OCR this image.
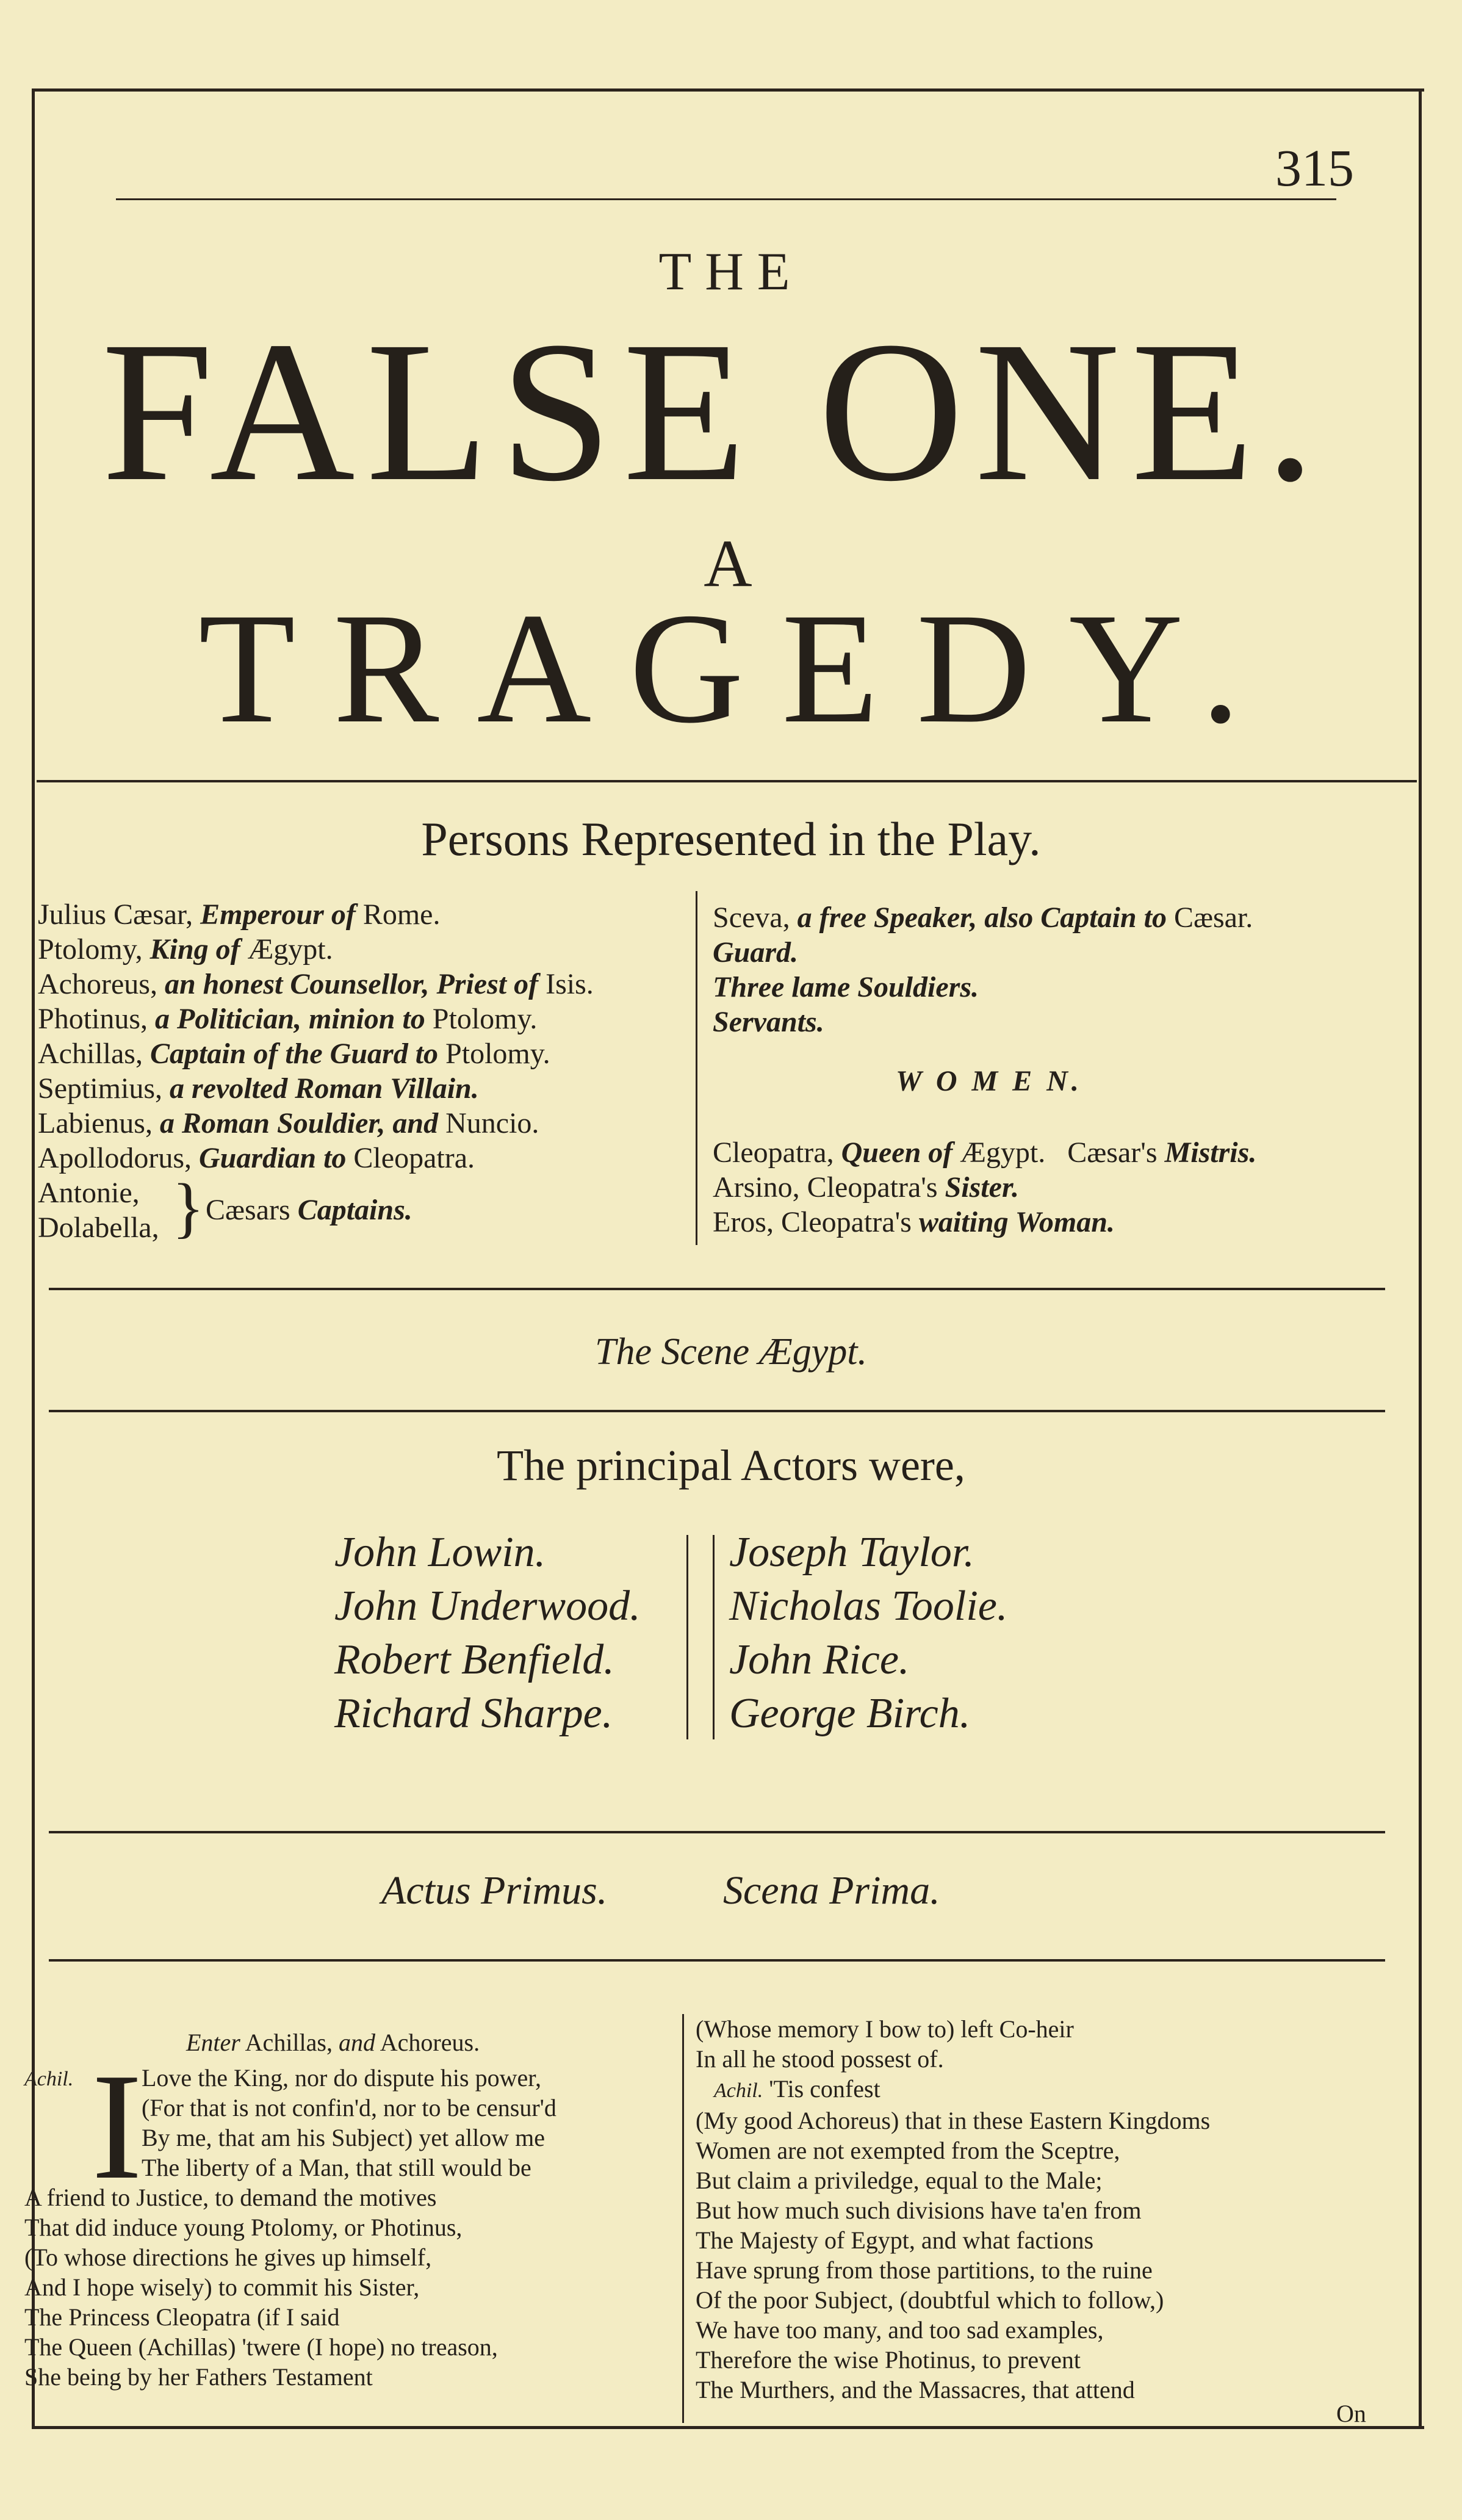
315
THE
FALSE ONE.
A
TRAGEDY.
Persons Represented in the Play.
Julius Cæsar, Emperour of Rome.
Ptolomy, King of Ægypt.
Achoreus, an honest Counsellor, Priest of Isis.
Photinus, a Politician, minion to Ptolomy.
Achillas, Captain of the Guard to Ptolomy.
Septimius, a revolted Roman Villain.
Labienus, a Roman Souldier, and Nuncio.
Apollodorus, Guardian to Cleopatra.
Antonie,
Dolabella, } Cæsars Captains.
Sceva, a free Speaker, also Captain to Cæsar.
Guard.
Three lame Souldiers.
Servants.
W O M E N.
Cleopatra, Queen of Ægypt. Cæsar's Mistris.
Arsino, Cleopatra's Sister.
Eros, Cleopatra's waiting Woman.
The Scene Ægypt.
The principal Actors were,
John Lowin.
John Underwood.
Robert Benfield.
Richard Sharpe.
Joseph Taylor.
Nicholas Toolie.
John Rice.
George Birch.
Actus Primus.	Scena Prima.
Enter Achillas, and Achoreus.
Achil. I
Love the King, nor do dispute his power,
(For that is not confin'd, nor to be censur'd
By me, that am his Subject) yet allow me
The liberty of a Man, that still would be
A friend to Justice, to demand the motives
That did induce young Ptolomy, or Photinus,
(To whose directions he gives up himself,
And I hope wisely) to commit his Sister,
The Princess Cleopatra (if I said
The Queen (Achillas) 'twere (I hope) no treason,
She being by her Fathers Testament
(Whose memory I bow to) left Co-heir
In all he stood possest of.
Achil. 'Tis confest
(My good Achoreus) that in these Eastern Kingdoms
Women are not exempted from the Sceptre,
But claim a priviledge, equal to the Male;
But how much such divisions have ta'en from
The Majesty of Egypt, and what factions
Have sprung from those partitions, to the ruine
Of the poor Subject, (doubtful which to follow,)
We have too many, and too sad examples,
Therefore the wise Photinus, to prevent
The Murthers, and the Massacres, that attend
On
